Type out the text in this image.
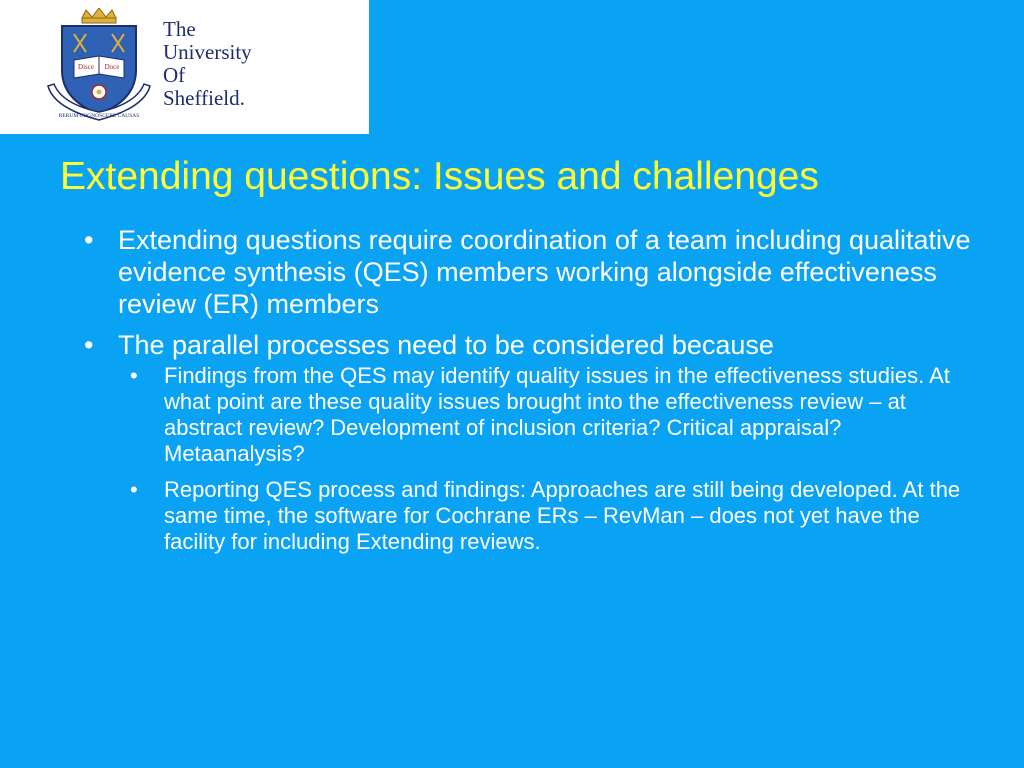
Disce Doce
RERUM COGNOSCERE CAUSAS
The
University
Of
Sheffield.
Extending questions: Issues and challenges
• Extending questions require coordination of a team including qualitative evidence synthesis (QES) members working alongside effectiveness review (ER) members
• The parallel processes need to be considered because
• Findings from the QES may identify quality issues in the effectiveness studies. At what point are these quality issues brought into the effectiveness review – at abstract review? Development of inclusion criteria? Critical appraisal? Metaanalysis?
• Reporting QES process and findings: Approaches are still being developed. At the same time, the software for Cochrane ERs – RevMan – does not yet have the facility for including Extending reviews.
